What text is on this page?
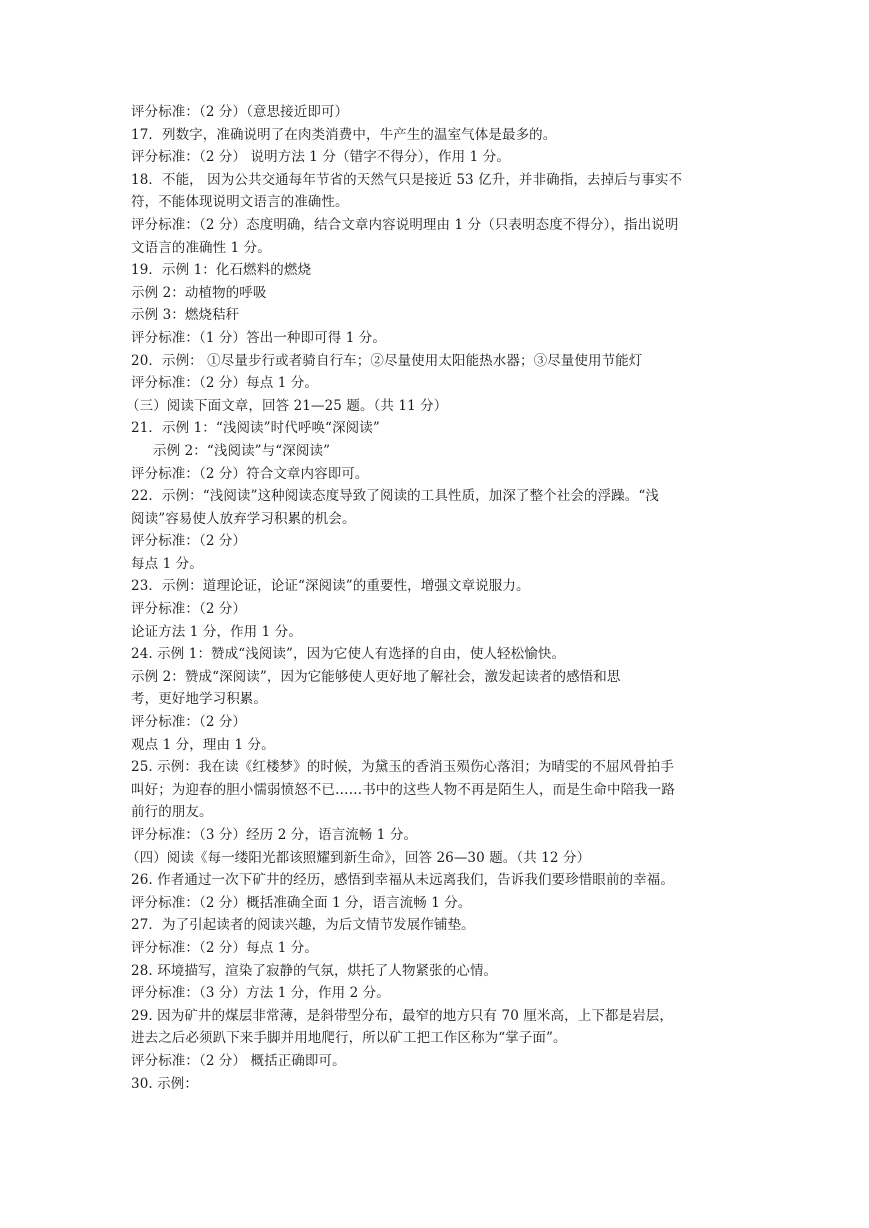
评分标准：（2 分）（意思接近即可）
17．列数字，准确说明了在肉类消费中，牛产生的温室气体是最多的。
评分标准：（2 分） 说明方法 1 分（错字不得分），作用 1 分。
18．不能， 因为公共交通每年节省的天然气只是接近 53 亿升，并非确指，去掉后与事实不
符，不能体现说明文语言的准确性。
评分标准：（2 分）态度明确，结合文章内容说明理由 1 分（只表明态度不得分），指出说明
文语言的准确性 1 分。
19．示例 1：化石燃料的燃烧
示例 2：动植物的呼吸
示例 3：燃烧秸秆
评分标准：（1 分）答出一种即可得 1 分。
20．示例： ①尽量步行或者骑自行车；②尽量使用太阳能热水器；③尽量使用节能灯
评分标准：（2 分）每点 1 分。
（三）阅读下面文章，回答 21—25 题。（共 11 分）
21．示例 1：“浅阅读”时代呼唤“深阅读”
示例 2：“浅阅读”与“深阅读”
评分标准：（2 分）符合文章内容即可。
22．示例：“浅阅读”这种阅读态度导致了阅读的工具性质，加深了整个社会的浮躁。“浅
阅读”容易使人放弃学习积累的机会。
评分标准：（2 分）
每点 1 分。
23．示例：道理论证，论证“深阅读”的重要性，增强文章说服力。
评分标准：（2 分）
论证方法 1 分，作用 1 分。
24. 示例 1：赞成“浅阅读”，因为它使人有选择的自由，使人轻松愉快。
示例 2：赞成“深阅读”，因为它能够使人更好地了解社会，激发起读者的感悟和思
考，更好地学习积累。
评分标准：（2 分）
观点 1 分，理由 1 分。
25. 示例：我在读《红楼梦》的时候，为黛玉的香消玉殒伤心落泪；为晴雯的不屈风骨拍手
叫好；为迎春的胆小懦弱愤怒不已……书中的这些人物不再是陌生人，而是生命中陪我一路
前行的朋友。
评分标准：（3 分）经历 2 分，语言流畅 1 分。
（四）阅读《每一缕阳光都该照耀到新生命》，回答 26—30 题。（共 12 分）
26. 作者通过一次下矿井的经历，感悟到幸福从未远离我们，告诉我们要珍惜眼前的幸福。
评分标准：（2 分）概括准确全面 1 分，语言流畅 1 分。
27．为了引起读者的阅读兴趣，为后文情节发展作铺垫。
评分标准：（2 分）每点 1 分。
28. 环境描写，渲染了寂静的气氛，烘托了人物紧张的心情。
评分标准：（3 分）方法 1 分，作用 2 分。
29. 因为矿井的煤层非常薄，是斜带型分布，最窄的地方只有 70 厘米高，上下都是岩层，
进去之后必须趴下来手脚并用地爬行，所以矿工把工作区称为“掌子面”。
评分标准：（2 分） 概括正确即可。
30. 示例：
